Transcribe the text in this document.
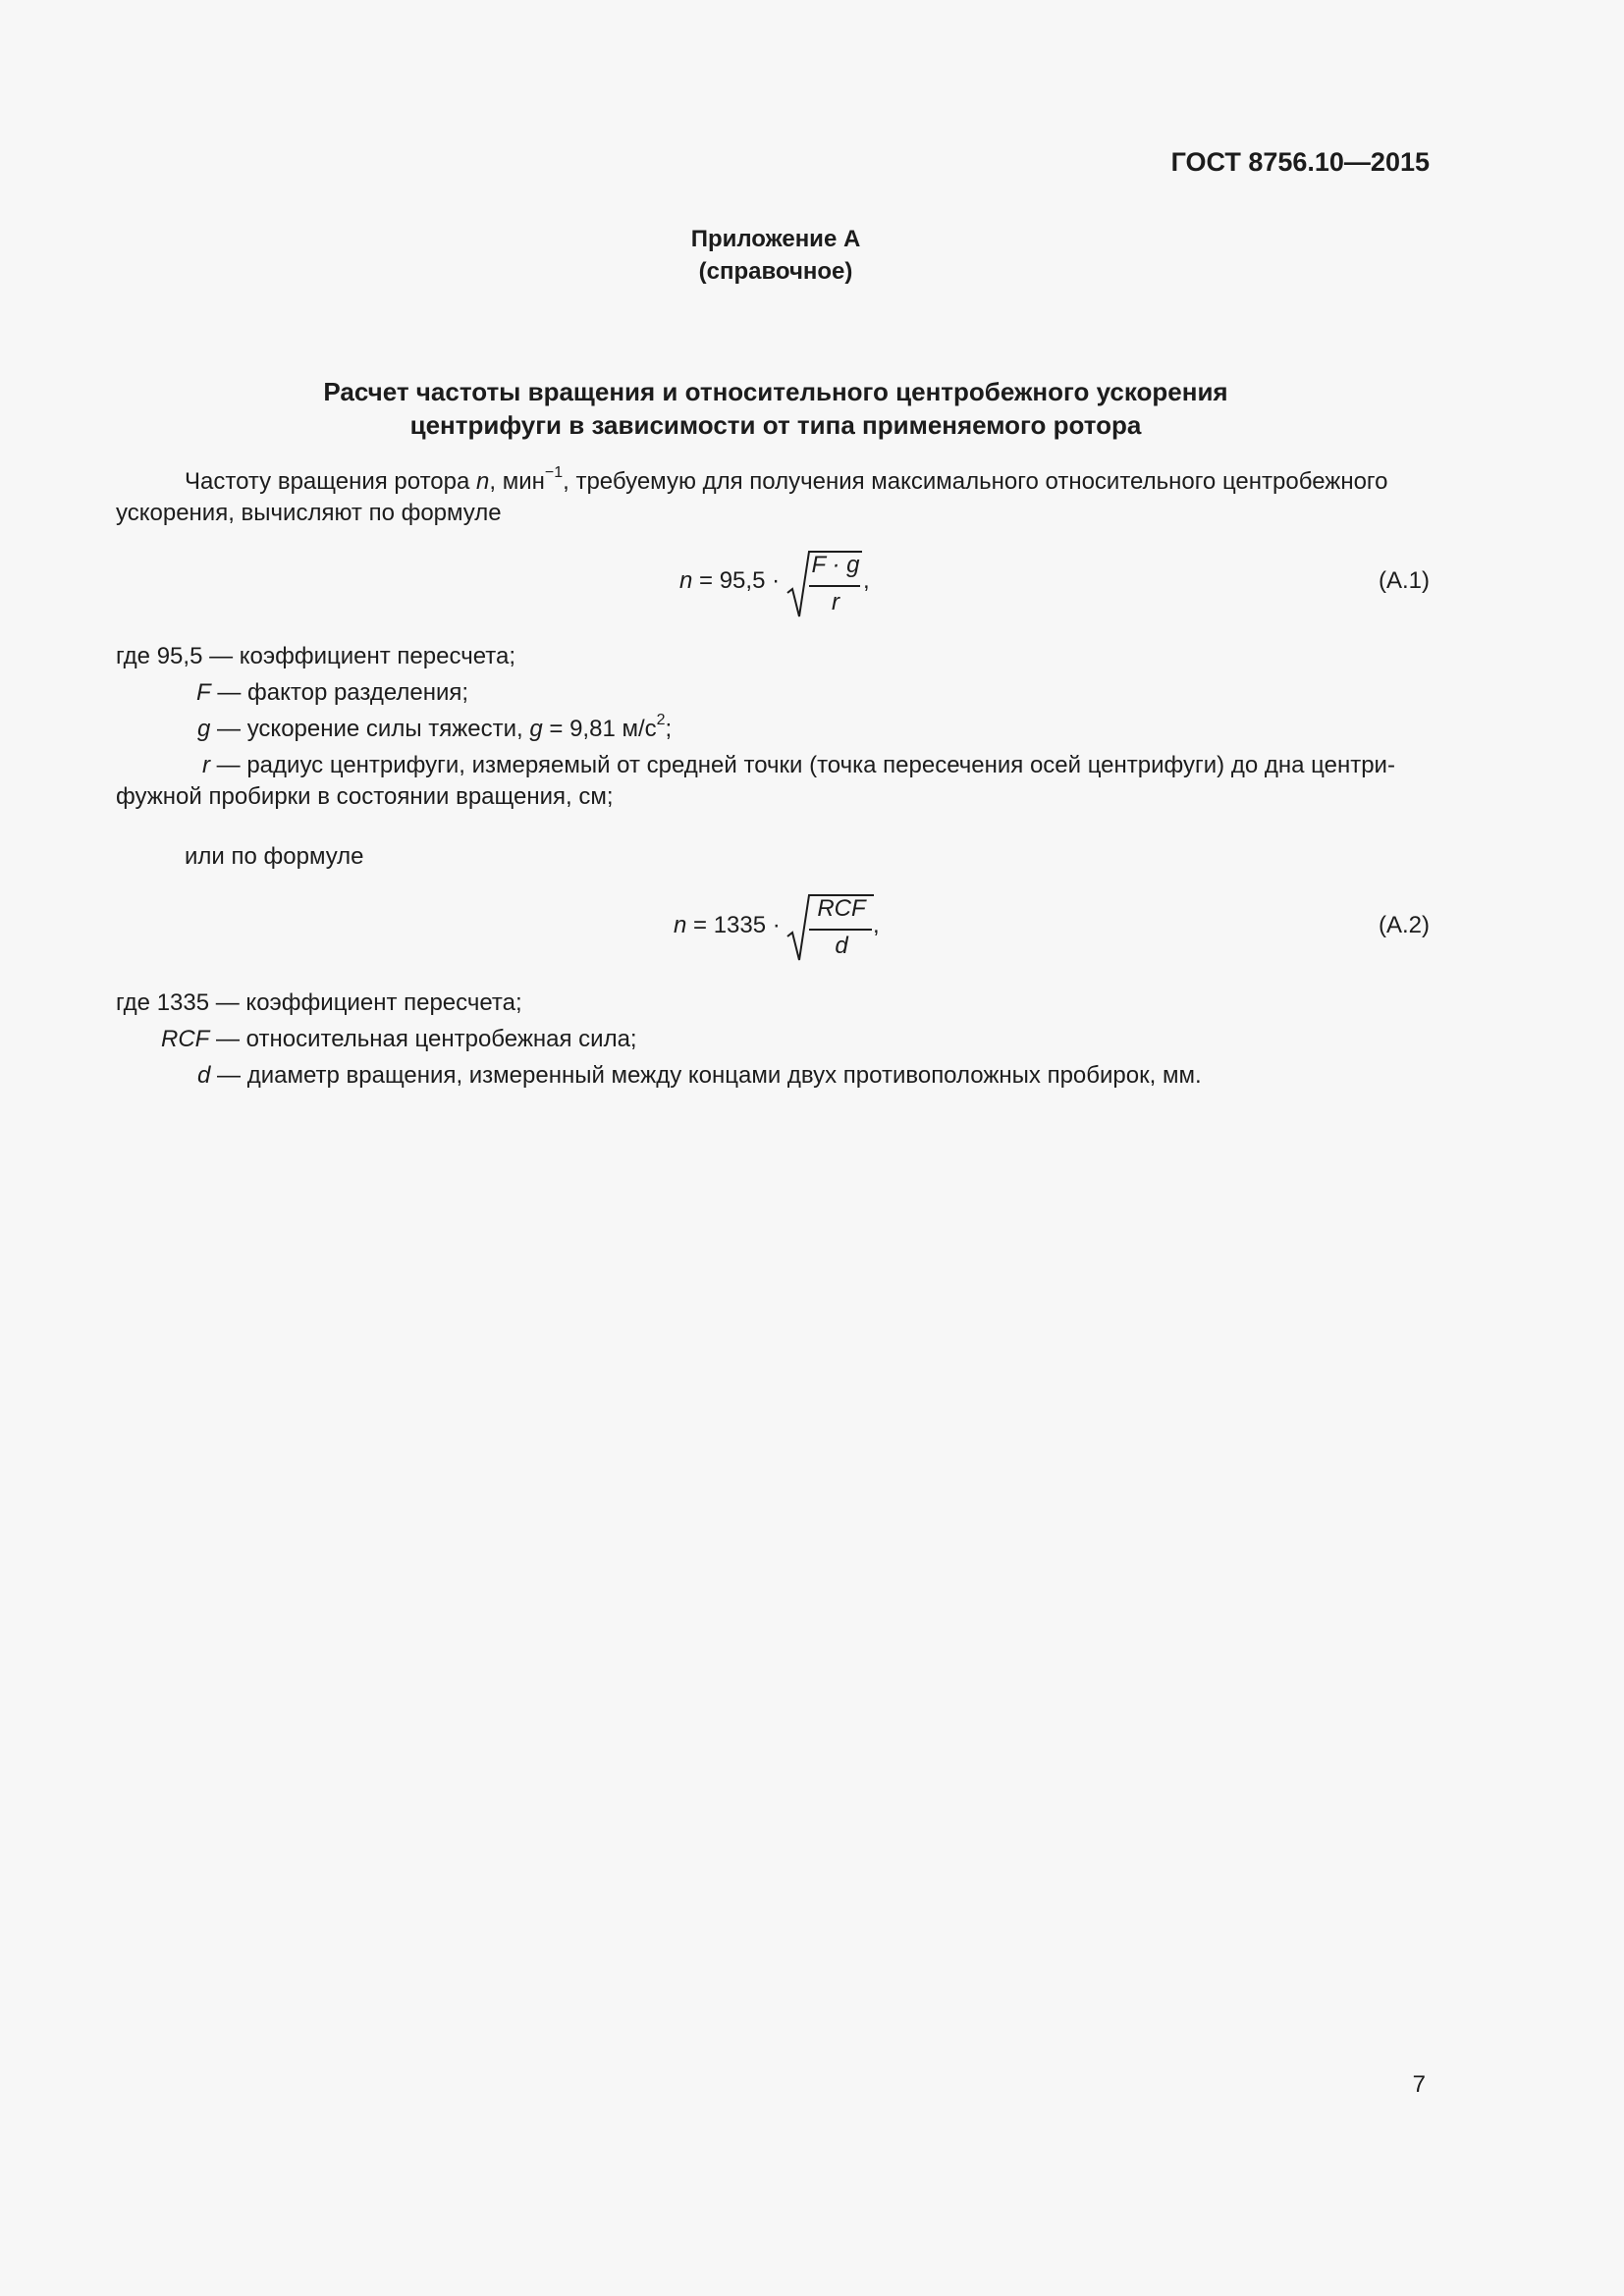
ГОСТ 8756.10—2015
Приложение А
(справочное)
Расчет частоты вращения и относительного центробежного ускорения
центрифуги в зависимости от типа применяемого ротора
Частоту вращения ротора n, мин$^{-1}$, требуемую для получения максимального относительного центробежного
ускорения, вычисляют по формуле
n = 95,5 ·
F · g
r
,	(А.1)
где 95,5 — коэффициент пересчета;
F — фактор разделения;
g — ускорение силы тяжести, g = 9,81 $м/с^2$;
r — радиус центрифуги, измеряемый от средней точки (точка пересечения осей центрифуги) до дна центри-
фужной пробирки в состоянии вращения, см;
или по формуле
n = 1335 ·
RCF
d
,	(А.2)
где 1335 — коэффициент пересчета;
RCF — относительная центробежная сила;
d — диаметр вращения, измеренный между концами двух противоположных пробирок, мм.
7
